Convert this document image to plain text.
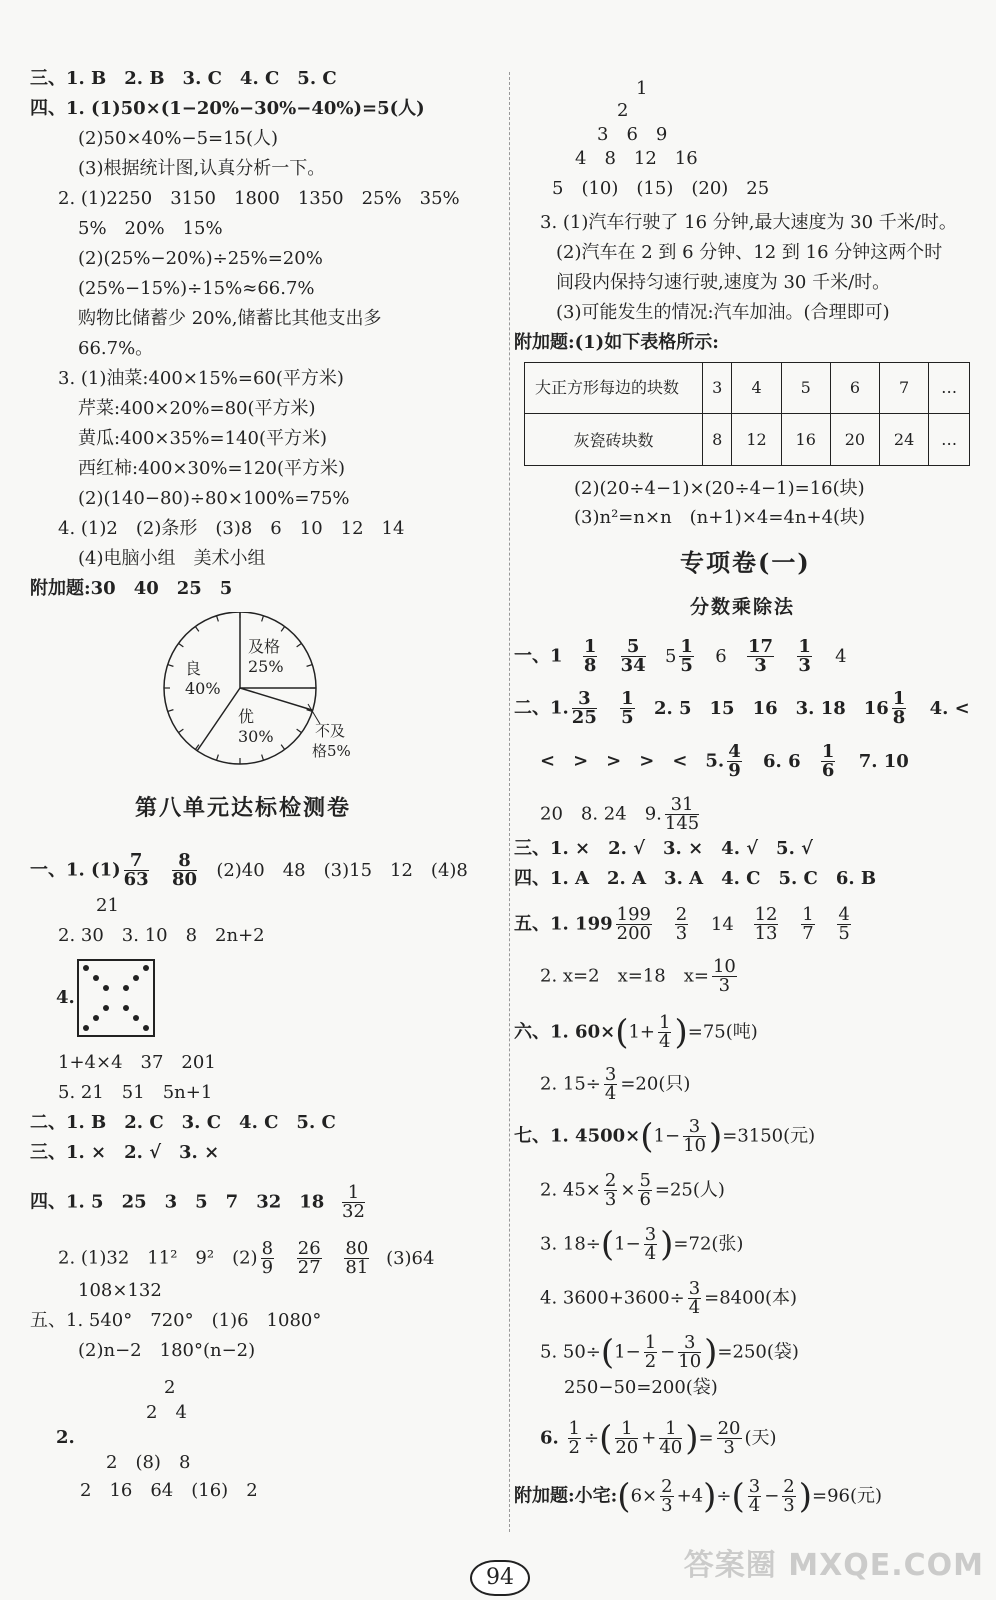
三、1. B　2. B　3. C　4. C　5. C
四、1. (1)50×(1−20%−30%−40%)=5(人)
(2)50×40%−5=15(人)
(3)根据统计图,认真分析一下。
2. (1)2250　3150　1800　1350　25%　35%
5%　20%　15%
(2)(25%−20%)÷25%=20%
(25%−15%)÷15%≈66.7%
购物比储蓄少 20%,储蓄比其他支出多
66.7%。
3. (1)油菜:400×15%=60(平方米)
芹菜:400×20%=80(平方米)
黄瓜:400×35%=140(平方米)
西红柿:400×30%=120(平方米)
(2)(140−80)÷80×100%=75%
4. (1)2　(2)条形　(3)8　6　10　12　14
(4)电脑小组　美术小组
附加题:30　40　25　5
良
40%
及格
25%
优
30%	不及
格5%
第八单元达标检测卷
一、1. $(1) \frac{7}{63}$
$\frac{8}{80} (2)40$　48　(3)15　12　(4)8
21
2. 30　3. 10　8　2n+2
4.
1+4×4　37　201
5. 21　51　5n+1
二、1. B　2. C　3. C　4. C　5. C
三、1. ×　2. √　3. ×
四、1. 5　25　3　5　7　32　$18 \frac{1}{32}$
2. (1)32　11²　9²　$(2) \frac{8}{9}$
$\frac{26}{27}$
$\frac{80}{81} (3)64$
108×132
五、1. 540°　720°　(1)6　1080°
(2)n−2　180°(n−2)
2
2　4
2.
2　(8)　8
2　16　64　(16)　2
1
2
3　6　9
4　8　12　16
5　(10)　(15)　(20)　25
3. (1)汽车行驶了 16 分钟,最大速度为 30 千米/时。
(2)汽车在 2 到 6 分钟、12 到 16 分钟这两个时
间段内保持匀速行驶,速度为 30 千米/时。
(3)可能发生的情况:汽车加油。(合理即可)
附加题:(1)如下表格所示:
大正方形每边的块数	3	4	5	6	7	…
灰瓷砖块数	8	12	16	20	24	…
(2)(20÷4−1)×(20÷4−1)=16(块)
(3)n²=n×n　(n+1)×4=4n+4(块)
专项卷(一)
分数乘除法
一、$1 \frac{1}{8}$
$\frac{5}{34} 5 \frac{1}{5} 6 \frac{17}{3}$
$\frac{1}{3} 4$
二、1. $\frac{3}{25}$
$\frac{1}{5} 2$. 5　15　16　3. 18　$16 \frac{1}{8} 4$. <
<　>　>　>　<　5. $\frac{4}{9} 6$. $6 \frac{1}{6} 7$. 10
20　8. 24　9. $\frac{31}{145}$
三、1. ×　2. √　3. ×　4. √　5. √
四、1. A　2. A　3. A　4. C　5. C　6. B
五、1. $199 \frac{199}{200}$
$\frac{2}{3} 14 \frac{12}{13}$
$\frac{1}{7}$
$\frac{4}{5}$
2. x=2　x=18　$x= \frac{10}{3}$
六、1. $60\times(1+ \frac{1}{4} )=75$(吨)
2. $15\div \frac{3}{4} =20$(只)
七、1. $4500\times(1- \frac{3}{10} )=3150$(元)
2. $45\times \frac{2}{3} \times \frac{5}{6} =25$(人)
3. $18\div(1- \frac{3}{4} )=72$(张)
4. $3600+3600\div \frac{3}{4} =8400$(本)
5. $50\div(1- \frac{1}{2} - \frac{3}{10} )=250$(袋)
250−50=200(袋)
6. $\frac{1}{2}$ ÷( $\frac{1}{20} + \frac{1}{40}$ )= $\frac{20}{3}$ (天)
附加题:小宅:(6× $\frac{2}{3} +4)\div( \frac{3}{4} - \frac{2}{3} )=96$(元)
94	答案圈 MXQE.COM
